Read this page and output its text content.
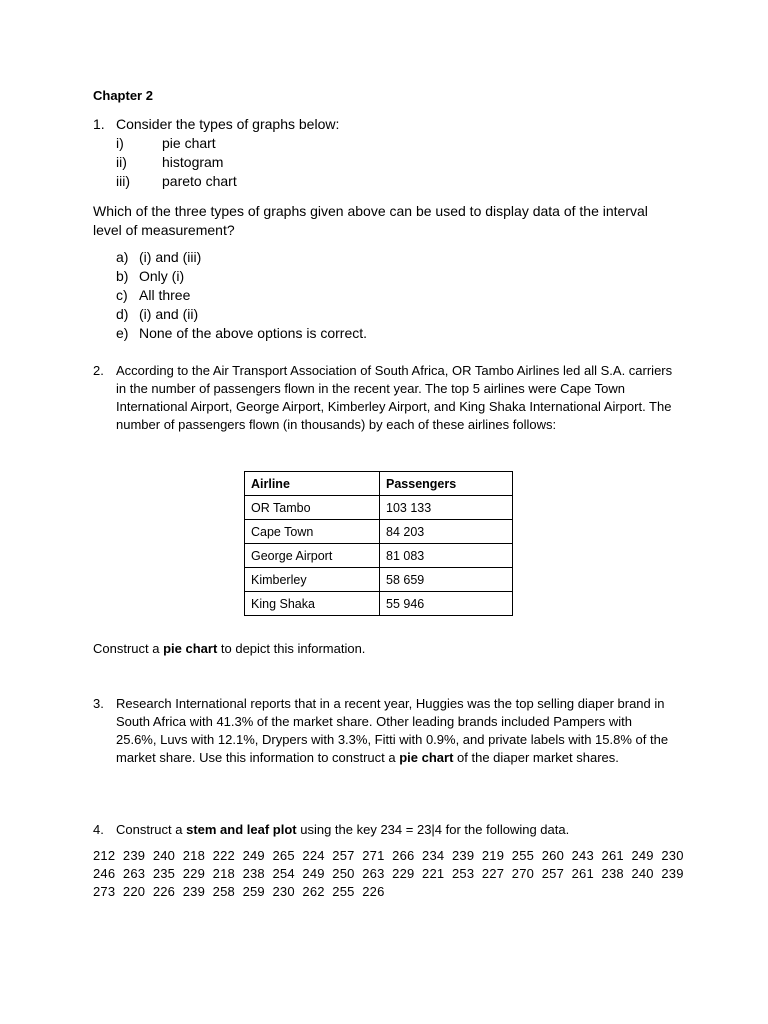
Chapter 2
1. Consider the types of graphs below:
i)	pie chart
ii)	histogram
iii) pareto chart

Which of the three types of graphs given above can be used to display data of the interval level of measurement?

a) (i) and (iii)
b) Only (i)
c) All three
d) (i) and (ii)
e) None of the above options is correct.
2. According to the Air Transport Association of South Africa, OR Tambo Airlines led all S.A. carriers in the number of passengers flown in the recent year. The top 5 airlines were Cape Town International Airport, George Airport, Kimberley Airport, and King Shaka International Airport. The number of passengers flown (in thousands) by each of these airlines follows:
Airline	Passengers
OR Tambo	103 133
Cape Town	84 203
George Airport	81 083
Kimberley	58 659
King Shaka	55 946
Construct a pie chart to depict this information.
3. Research International reports that in a recent year, Huggies was the top selling diaper brand in South Africa with 41.3% of the market share. Other leading brands included Pampers with 25.6%, Luvs with 12.1%, Drypers with 3.3%, Fitti with 0.9%, and private labels with 15.8% of the market share. Use this information to construct a pie chart of the diaper market shares.
4. Construct a stem and leaf plot using the key 234 = 23|4 for the following data.
212  239  240  218  222  249  265  224  257  271  266  234  239  219  255  260  243  261  249  230
246  263  235  229  218  238  254  249  250  263  229  221  253  227  270  257  261  238  240  239
273  220  226  239  258  259  230  262  255  226
